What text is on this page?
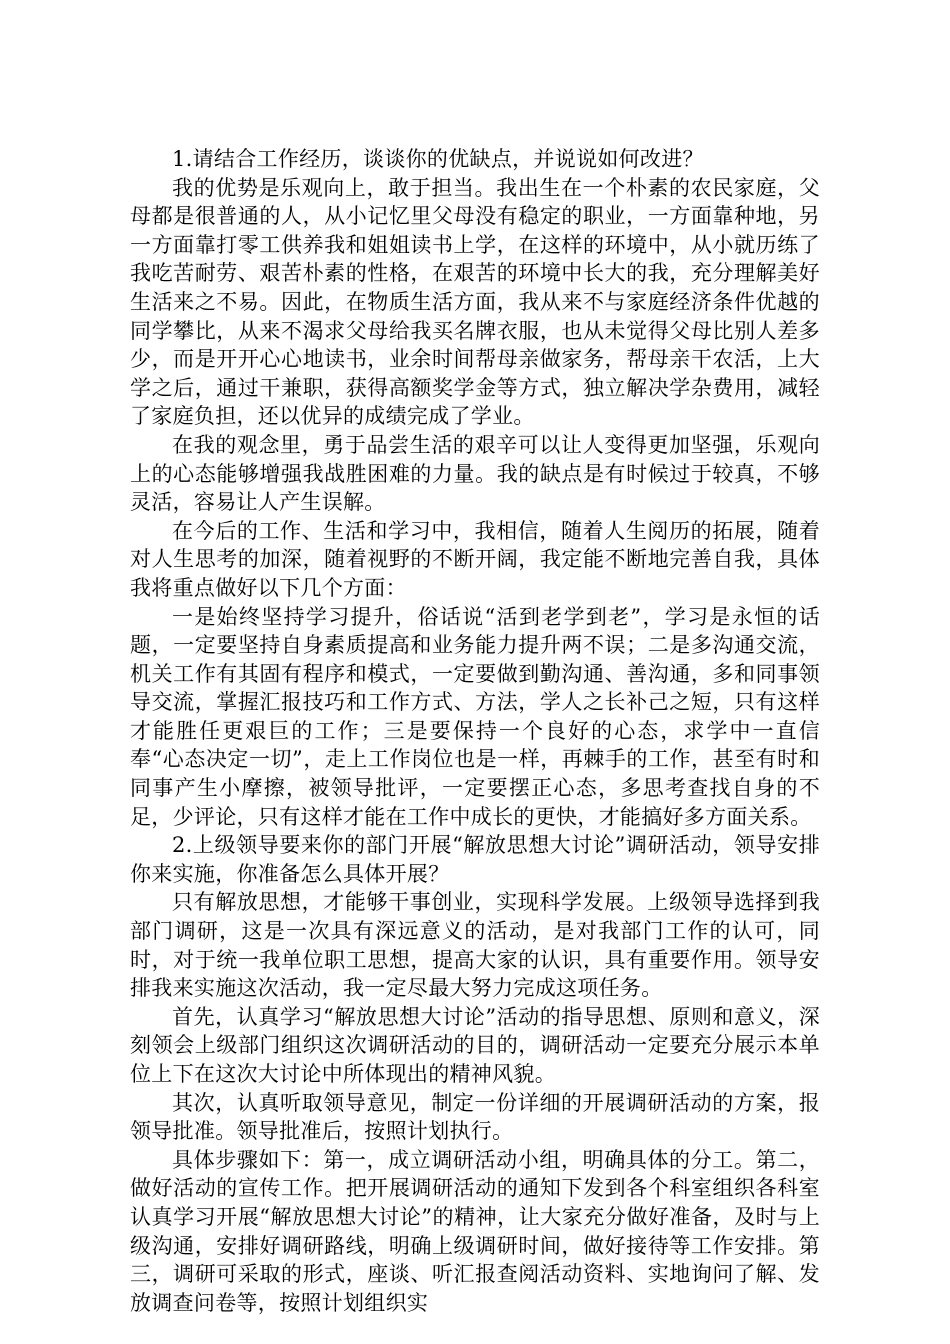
1.请结合工作经历，谈谈你的优缺点，并说说如何改进？

我的优势是乐观向上，敢于担当。我出生在一个朴素的农民家庭，父母都是很普通的人，从小记忆里父母没有稳定的职业，一方面靠种地，另一方面靠打零工供养我和姐姐读书上学，在这样的环境中，从小就历练了我吃苦耐劳、艰苦朴素的性格，在艰苦的环境中长大的我，充分理解美好生活来之不易。因此，在物质生活方面，我从来不与家庭经济条件优越的同学攀比，从来不渴求父母给我买名牌衣服，也从未觉得父母比别人差多少，而是开开心心地读书，业余时间帮母亲做家务，帮母亲干农活，上大学之后，通过干兼职，获得高额奖学金等方式，独立解决学杂费用，减轻了家庭负担，还以优异的成绩完成了学业。

在我的观念里，勇于品尝生活的艰辛可以让人变得更加坚强，乐观向上的心态能够增强我战胜困难的力量。我的缺点是有时候过于较真，不够灵活，容易让人产生误解。

在今后的工作、生活和学习中，我相信，随着人生阅历的拓展，随着对人生思考的加深，随着视野的不断开阔，我定能不断地完善自我，具体我将重点做好以下几个方面：

一是始终坚持学习提升，俗话说“活到老学到老”，学习是永恒的话题，一定要坚持自身素质提高和业务能力提升两不误；二是多沟通交流，机关工作有其固有程序和模式，一定要做到勤沟通、善沟通，多和同事领导交流，掌握汇报技巧和工作方式、方法，学人之长补己之短，只有这样才能胜任更艰巨的工作；三是要保持一个良好的心态，求学中一直信奉“心态决定一切”，走上工作岗位也是一样，再棘手的工作，甚至有时和同事产生小摩擦，被领导批评，一定要摆正心态，多思考查找自身的不足，少评论，只有这样才能在工作中成长的更快，才能搞好多方面关系。

2.上级领导要来你的部门开展“解放思想大讨论”调研活动，领导安排你来实施，你准备怎么具体开展？

只有解放思想，才能够干事创业，实现科学发展。上级领导选择到我部门调研，这是一次具有深远意义的活动，是对我部门工作的认可，同时，对于统一我单位职工思想，提高大家的认识，具有重要作用。领导安排我来实施这次活动，我一定尽最大努力完成这项任务。

首先，认真学习“解放思想大讨论”活动的指导思想、原则和意义，深刻领会上级部门组织这次调研活动的目的，调研活动一定要充分展示本单位上下在这次大讨论中所体现出的精神风貌。

其次，认真听取领导意见，制定一份详细的开展调研活动的方案，报领导批准。领导批准后，按照计划执行。

具体步骤如下：第一，成立调研活动小组，明确具体的分工。第二，做好活动的宣传工作。把开展调研活动的通知下发到各个科室组织各科室认真学习开展“解放思想大讨论”的精神，让大家充分做好准备，及时与上级沟通，安排好调研路线，明确上级调研时间，做好接待等工作安排。第三，调研可采取的形式，座谈、听汇报查阅活动资料、实地询问了解、发放调查问卷等，按照计划组织实
